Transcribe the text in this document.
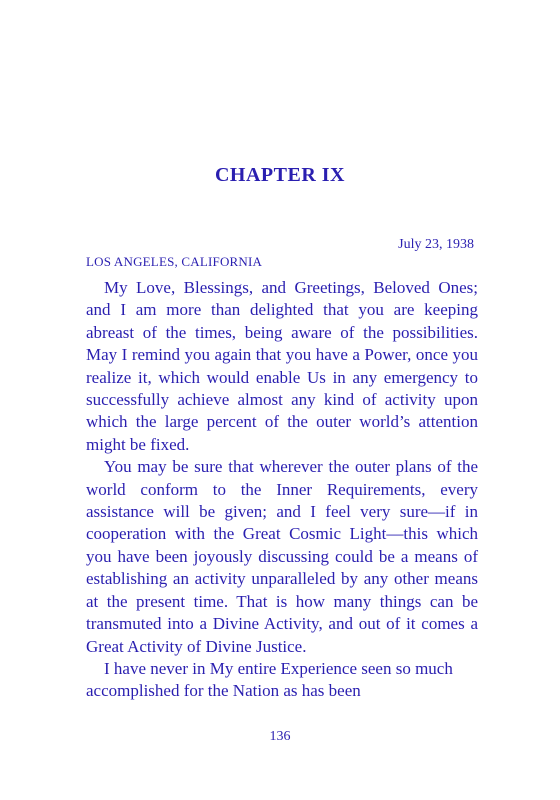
CHAPTER IX
July 23, 1938
LOS ANGELES, CALIFORNIA

My Love, Blessings, and Greetings, Beloved Ones; and I am more than delighted that you are keeping abreast of the times, being aware of the possibilities. May I remind you again that you have a Power, once you realize it, which would enable Us in any emergency to successfully achieve almost any kind of activity upon which the large percent of the outer world’s attention might be fixed.

You may be sure that wherever the outer plans of the world conform to the Inner Requirements, every assistance will be given; and I feel very sure—if in cooperation with the Great Cosmic Light—this which you have been joyously discussing could be a means of establishing an activity unparalleled by any other means at the present time. That is how many things can be transmuted into a Divine Activity, and out of it comes a Great Activity of Divine Justice.

I have never in My entire Experience seen so much accomplished for the Nation as has been

136
